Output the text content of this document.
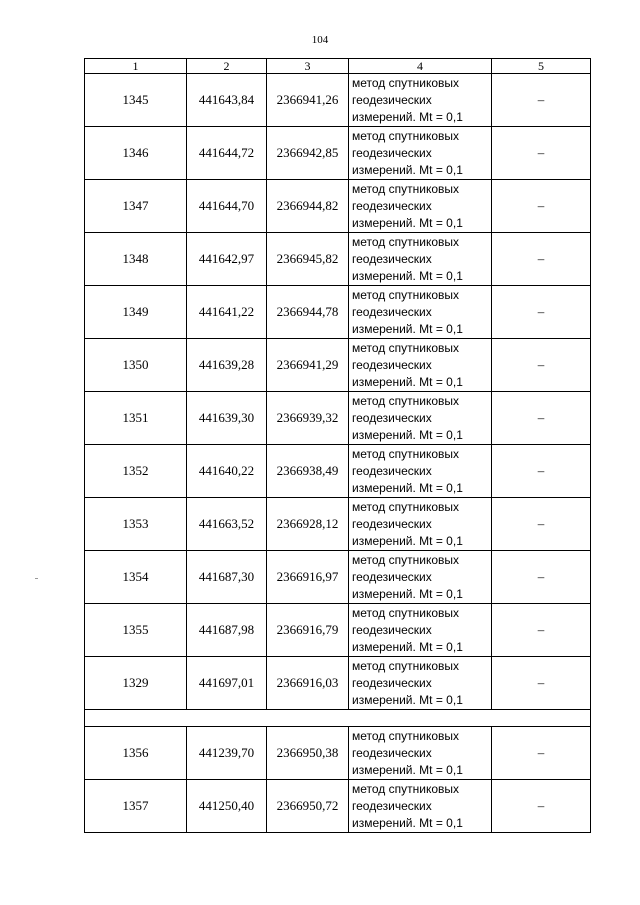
104
1	2	3	4	5
1345	441643,84	2366941,26	метод спутниковых
геодезических
измерений. Mt = 0,1	–
1346	441644,72	2366942,85	метод спутниковых
геодезических
измерений. Mt = 0,1	–
1347	441644,70	2366944,82	метод спутниковых
геодезических
измерений. Mt = 0,1	–
1348	441642,97	2366945,82	метод спутниковых
геодезических
измерений. Mt = 0,1	–
1349	441641,22	2366944,78	метод спутниковых
геодезических
измерений. Mt = 0,1	–
1350	441639,28	2366941,29	метод спутниковых
геодезических
измерений. Mt = 0,1	–
1351	441639,30	2366939,32	метод спутниковых
геодезических
измерений. Mt = 0,1	–
1352	441640,22	2366938,49	метод спутниковых
геодезических
измерений. Mt = 0,1	–
1353	441663,52	2366928,12	метод спутниковых
геодезических
измерений. Mt = 0,1	–
1354	441687,30	2366916,97	метод спутниковых
геодезических
измерений. Mt = 0,1	–
1355	441687,98	2366916,79	метод спутниковых
геодезических
измерений. Mt = 0,1	–
1329	441697,01	2366916,03	метод спутниковых
геодезических
измерений. Mt = 0,1	–

1356	441239,70	2366950,38	метод спутниковых
геодезических
измерений. Mt = 0,1	–
1357	441250,40	2366950,72	метод спутниковых
геодезических
измерений. Mt = 0,1	–
